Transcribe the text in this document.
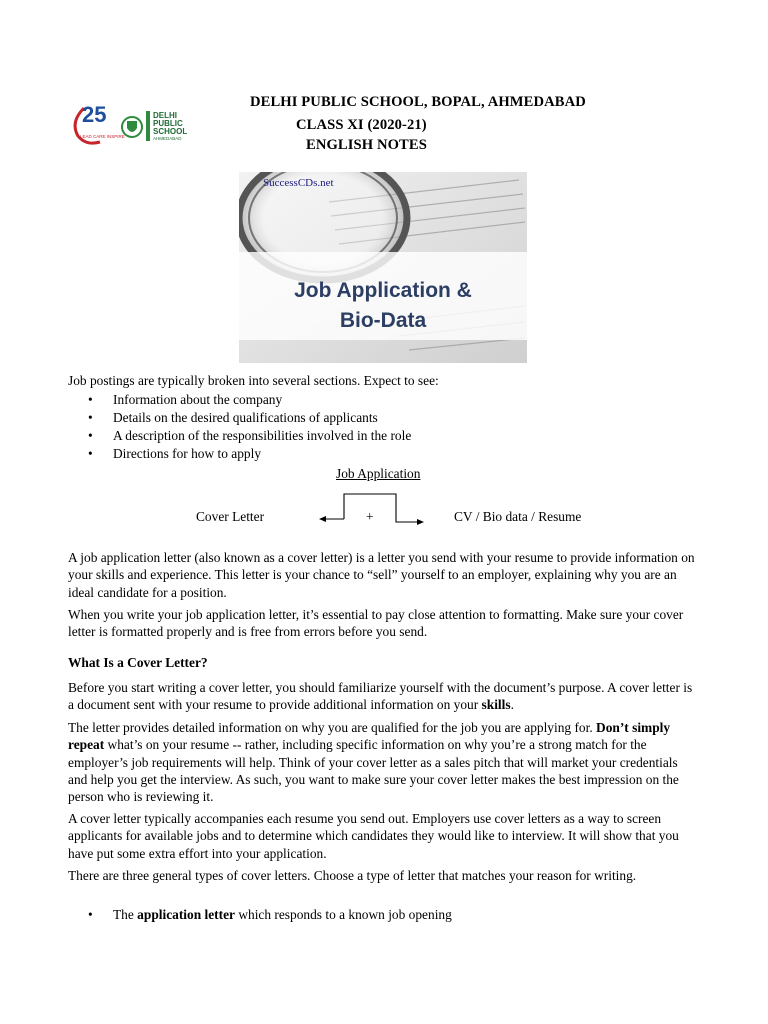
25
LEAD CARE INSPIRE
DELHI
PUBLIC
SCHOOL
AHMEDABAD
DELHI PUBLIC SCHOOL, BOPAL, AHMEDABAD
CLASS XI (2020-21)
ENGLISH NOTES
SuccessCDs.net
Job Application &
Bio-Data
Job postings are typically broken into several sections. Expect to see:
• Information about the company
• Details on the desired qualifications of applicants
• A description of the responsibilities involved in the role
• Directions for how to apply
Job Application
Cover Letter	+	CV / Bio data / Resume

A job application letter (also known as a cover letter) is a letter you send with your resume to provide information on your skills and experience. This letter is your chance to “sell” yourself to an employer, explaining why you are an ideal candidate for a position.

When you write your job application letter, it’s essential to pay close attention to formatting. Make sure your cover letter is formatted properly and is free from errors before you send.

What Is a Cover Letter?

Before you start writing a cover letter, you should familiarize yourself with the document’s purpose. A cover letter is a document sent with your resume to provide additional information on your skills.

The letter provides detailed information on why you are qualified for the job you are applying for. Don’t simply repeat what’s on your resume -- rather, including specific information on why you’re a strong match for the employer’s job requirements will help. Think of your cover letter as a sales pitch that will market your credentials and help you get the interview. As such, you want to make sure your cover letter makes the best impression on the person who is reviewing it.

A cover letter typically accompanies each resume you send out. Employers use cover letters as a way to screen applicants for available jobs and to determine which candidates they would like to interview. It will show that you have put some extra effort into your application.

There are three general types of cover letters. Choose a type of letter that matches your reason for writing.

• The application letter which responds to a known job opening
